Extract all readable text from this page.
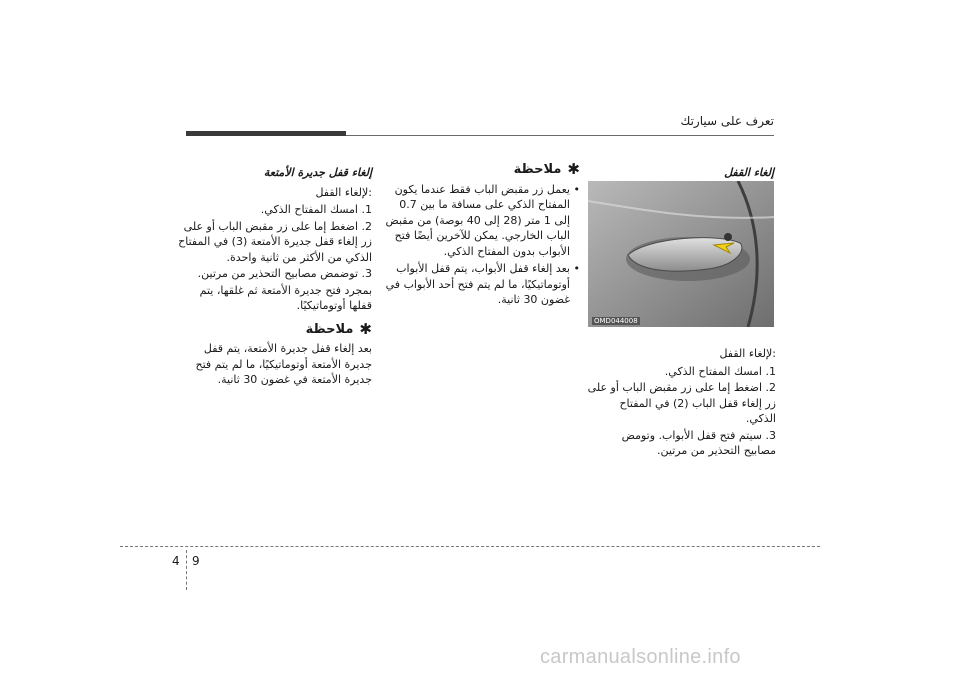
تعرف على سيارتك

إلغاء قفل جديرة الأمتعة

:لإلغاء القفل

1. امسك المفتاح الذكي.

2. اضغط إما على زر مقبض الباب أو على زر إلغاء قفل جديرة الأمتعة (3) في المفتاح الذكي من الأكثر من ثانية واحدة.

3. توضمض مصابيح التحذير من مرتين.

بمجرد فتح جديرة الأمتعة ثم غلقها، يتم قفلها أوتوماتيكيًا.

✱
ملاحظة

بعد إلغاء قفل جديرة الأمتعة، يتم قفل جديرة الأمتعة أوتوماتيكيًا، ما لم يتم فتح جديرة الأمتعة في غضون 30 ثانية.

✱
ملاحظة

• يعمل زر مقبض الباب فقط عندما يكون المفتاح الذكي على مسافة ما بين 0.7 إلى 1 متر (28 إلى 40 بوصة) من مقبض الباب الخارجي. يمكن للآخرين أيضًا فتح الأبواب بدون المفتاح الذكي.

• بعد إلغاء قفل الأبواب، يتم قفل الأبواب أوتوماتيكيًا، ما لم يتم فتح أحد الأبواب في غضون 30 ثانية.

إلغاء القفل

OMD044008

:لإلغاء القفل

1. امسك المفتاح الذكي.

2. اضغط إما على زر مقبض الباب أو على زر إلغاء قفل الباب (2) في المفتاح الذكي.

3. سيتم فتح قفل الأبواب. وتومض مصابيح التحذير من مرتين.

4 9
carmanualsonline.info
